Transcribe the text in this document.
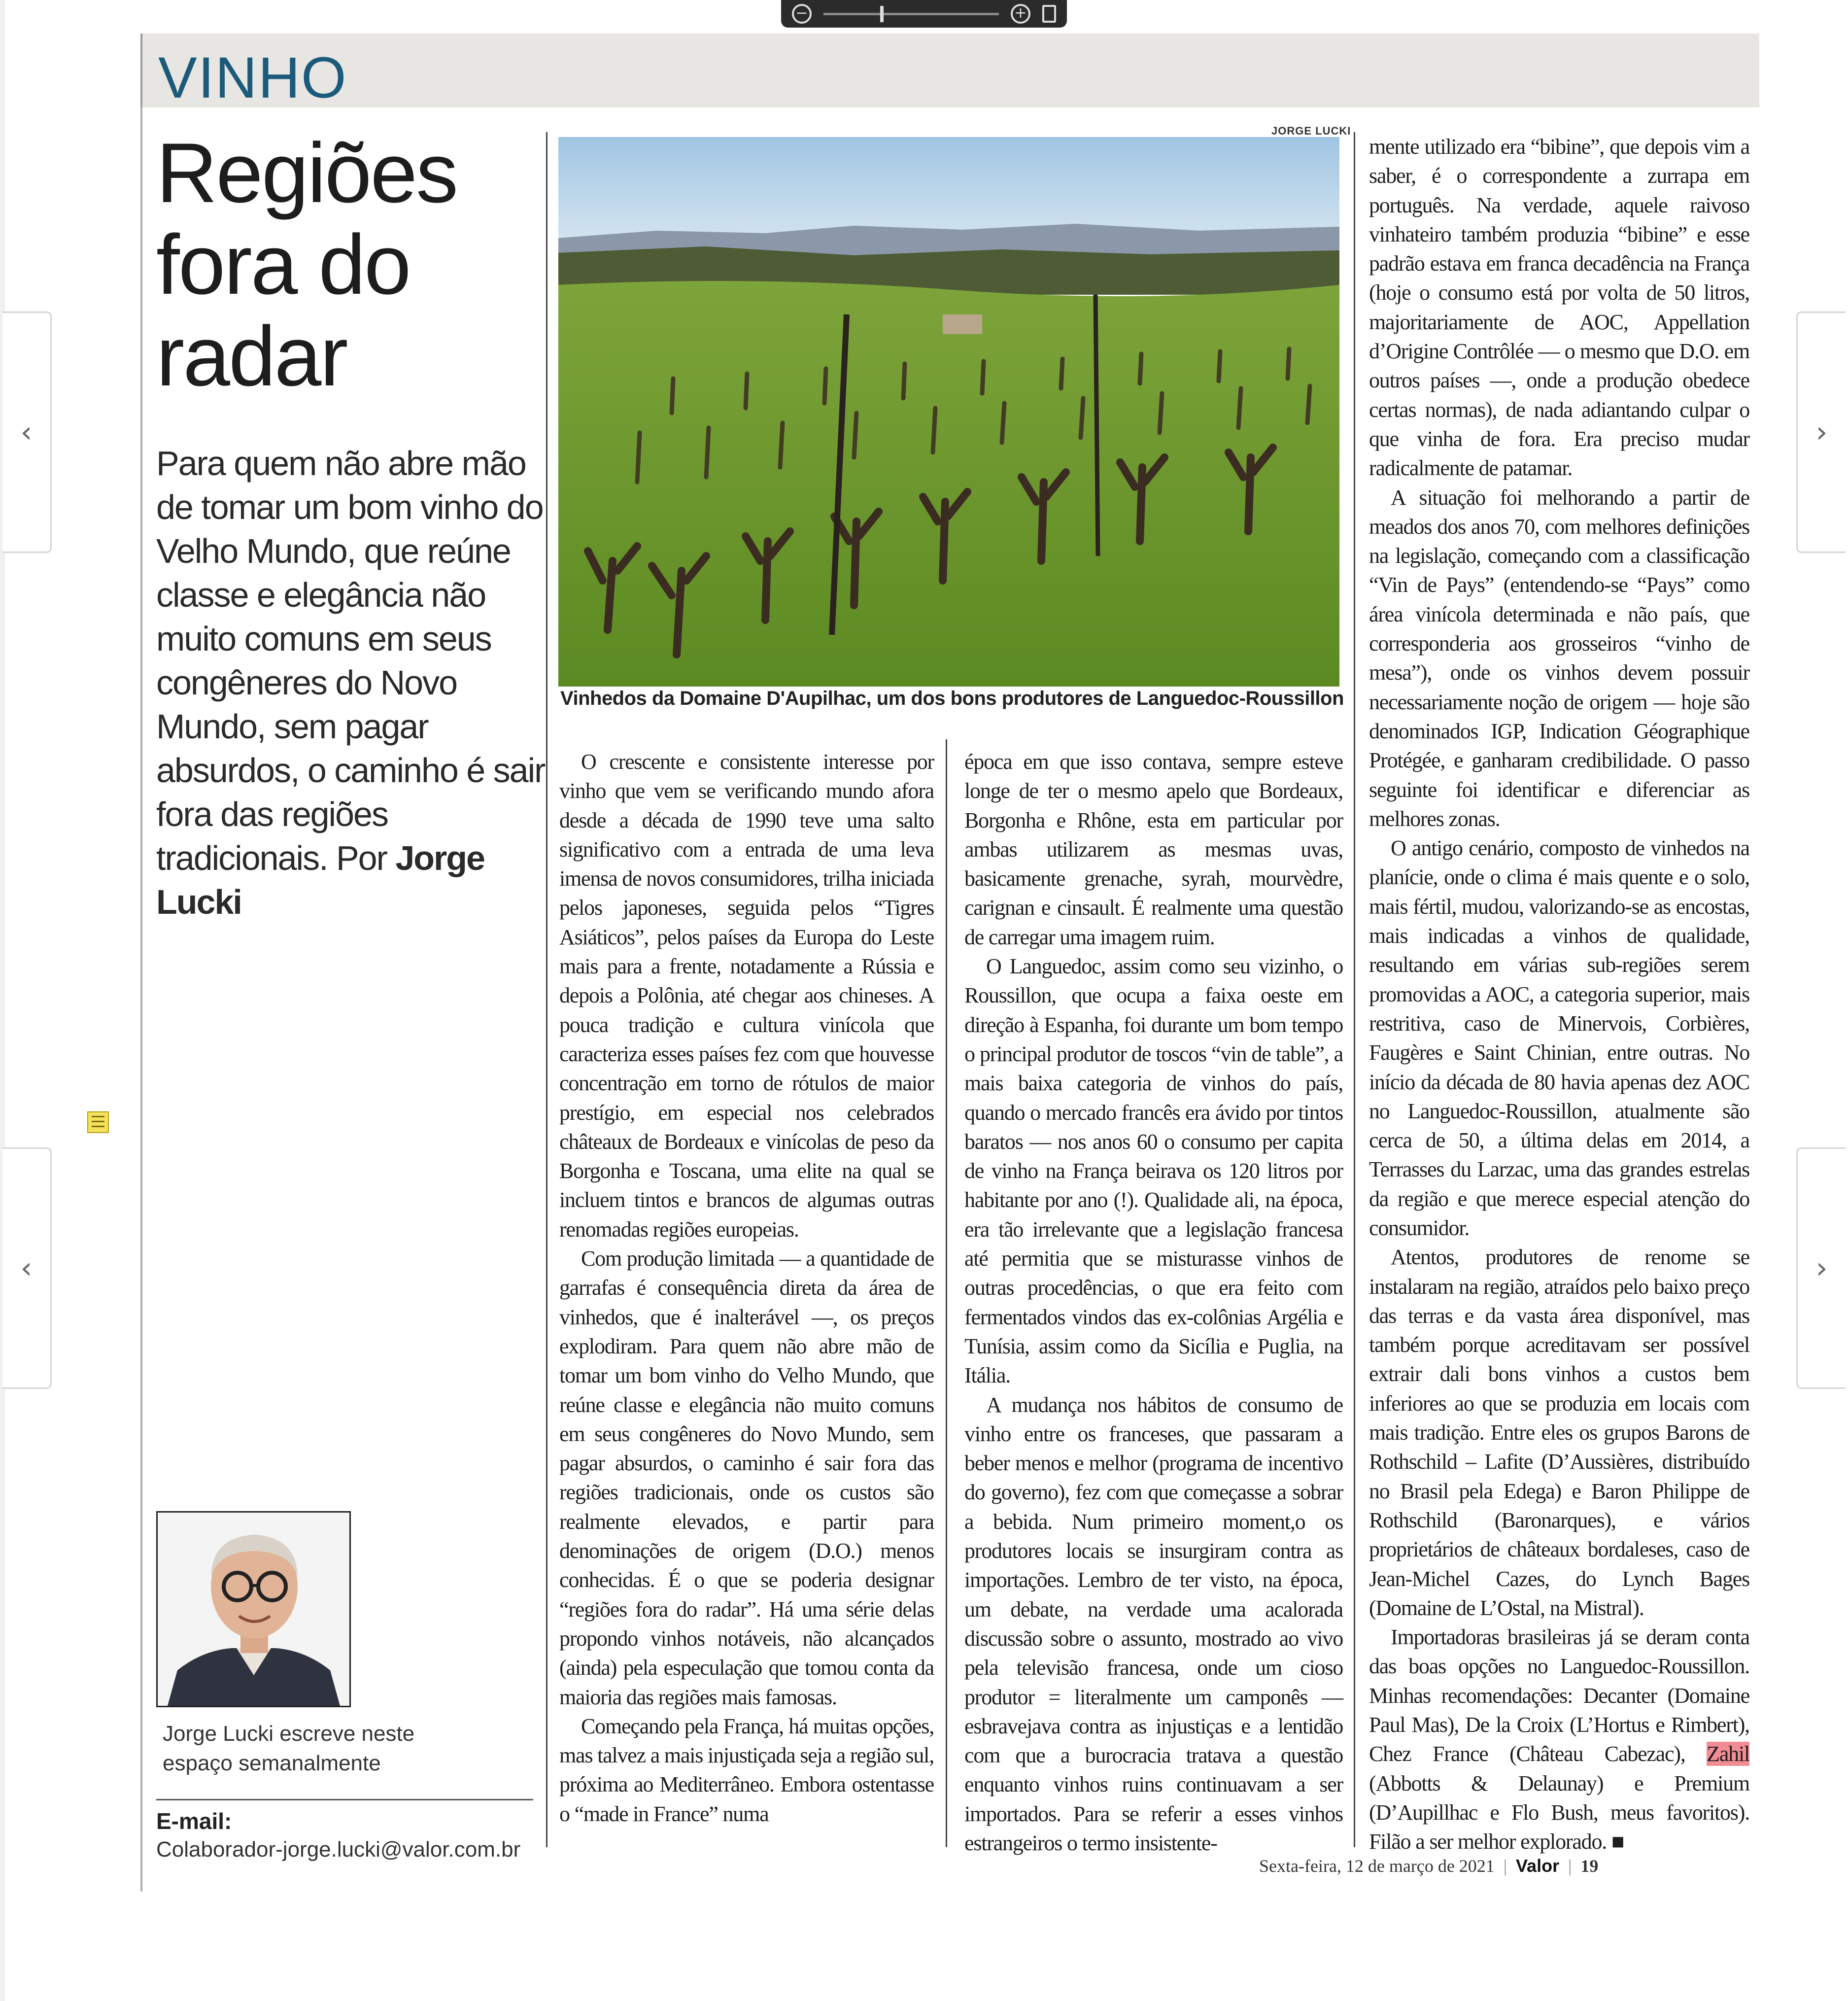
−	+
‹
‹
›
›
VINHO
Regiões
fora do
radar
Para quem não abre mão de tomar um bom vinho do Velho Mundo, que reúne classe e elegância não muito comuns em seus congêneres do Novo Mundo, sem pagar absurdos, o caminho é sair fora das regiões tradicionais. Por Jorge Lucki
Jorge Lucki escreve neste espaço semanalmente
E-mail:
Colaborador-jorge.lucki@valor.com.br
JORGE LUCKI
Vinhedos da Domaine D'Aupilhac, um dos bons produtores de Languedoc-Roussillon

O crescente e consistente interesse por vinho que vem se verificando mundo afora desde a década de 1990 teve uma salto significativo com a entrada de uma leva imensa de novos consumidores, trilha iniciada pelos japoneses, seguida pelos “Tigres Asiáticos”, pelos países da Europa do Leste mais para a frente, notadamente a Rússia e depois a Polônia, até chegar aos chineses. A pouca tradição e cultura vinícola que caracteriza esses países fez com que houvesse concentração em torno de rótulos de maior prestígio, em especial nos celebrados châteaux de Bordeaux e vinícolas de peso da Borgonha e Toscana, uma elite na qual se incluem tintos e brancos de algumas outras renomadas regiões europeias.

Com produção limitada — a quantidade de garrafas é consequência direta da área de vinhedos, que é inalterável —, os preços explodiram. Para quem não abre mão de tomar um bom vinho do Velho Mundo, que reúne classe e elegância não muito comuns em seus congêneres do Novo Mundo, sem pagar absurdos, o caminho é sair fora das regiões tradicionais, onde os custos são realmente elevados, e partir para denominações de origem (D.O.) menos conhecidas. É o que se poderia designar “regiões fora do radar”. Há uma série delas propondo vinhos notáveis, não alcançados (ainda) pela especulação que tomou conta da maioria das regiões mais famosas.

Começando pela França, há muitas opções, mas talvez a mais injustiçada seja a região sul, próxima ao Mediterrâneo. Embora ostentasse o “made in France” numa

época em que isso contava, sempre esteve longe de ter o mesmo apelo que Bordeaux, Borgonha e Rhône, esta em particular por ambas utilizarem as mesmas uvas, basicamente grenache, syrah, mourvèdre, carignan e cinsault. É realmente uma questão de carregar uma imagem ruim.

O Languedoc, assim como seu vizinho, o Roussillon, que ocupa a faixa oeste em direção à Espanha, foi durante um bom tempo o principal produtor de toscos “vin de table”, a mais baixa categoria de vinhos do país, quando o mercado francês era ávido por tintos baratos — nos anos 60 o consumo per capita de vinho na França beirava os 120 litros por habitante por ano (!). Qualidade ali, na época, era tão irrelevante que a legislação francesa até permitia que se misturasse vinhos de outras procedências, o que era feito com fermentados vindos das ex-colônias Argélia e Tunísia, assim como da Sicília e Puglia, na Itália.

A mudança nos hábitos de consumo de vinho entre os franceses, que passaram a beber menos e melhor (programa de incentivo do governo), fez com que começasse a sobrar a bebida. Num primeiro moment,o os produtores locais se insurgiram contra as importações. Lembro de ter visto, na época, um debate, na verdade uma acalorada discussão sobre o assunto, mostrado ao vivo pela televisão francesa, onde um cioso produtor = literalmente um camponês — esbravejava contra as injustiças e a lentidão com que a burocracia tratava a questão enquanto vinhos ruins continuavam a ser importados. Para se referir a esses vinhos estrangeiros o termo insistente-

mente utilizado era “bibine”, que depois vim a saber, é o correspondente a zurrapa em português. Na verdade, aquele raivoso vinhateiro também produzia “bibine” e esse padrão estava em franca decadência na França (hoje o consumo está por volta de 50 litros, majoritariamente de AOC, Appellation d’Origine Contrôlée — o mesmo que D.O. em outros países —, onde a produção obedece certas normas), de nada adiantando culpar o que vinha de fora. Era preciso mudar radicalmente de patamar.

A situação foi melhorando a partir de meados dos anos 70, com melhores definições na legislação, começando com a classificação “Vin de Pays” (entendendo-se “Pays” como área vinícola determinada e não país, que corresponderia aos grosseiros “vinho de mesa”), onde os vinhos devem possuir necessariamente noção de origem — hoje são denominados IGP, Indication Géographique Protégée, e ganharam credibilidade. O passo seguinte foi identificar e diferenciar as melhores zonas.

O antigo cenário, composto de vinhedos na planície, onde o clima é mais quente e o solo, mais fértil, mudou, valorizando-se as encostas, mais indicadas a vinhos de qualidade, resultando em várias sub-regiões serem promovidas a AOC, a categoria superior, mais restritiva, caso de Minervois, Corbières, Faugères e Saint Chinian, entre outras. No início da década de 80 havia apenas dez AOC no Languedoc-Roussillon, atualmente são cerca de 50, a última delas em 2014, a Terrasses du Larzac, uma das grandes estrelas da região e que merece especial atenção do consumidor.

Atentos, produtores de renome se instalaram na região, atraídos pelo baixo preço das terras e da vasta área disponível, mas também porque acreditavam ser possível extrair dali bons vinhos a custos bem inferiores ao que se produzia em locais com mais tradição. Entre eles os grupos Barons de Rothschild – Lafite (D’Aussières, distribuído no Brasil pela Edega) e Baron Philippe de Rothschild (Baronarques), e vários proprietários de châteaux bordaleses, caso de Jean-Michel Cazes, do Lynch Bages (Domaine de L’Ostal, na Mistral).

Importadoras brasileiras já se deram conta das boas opções no Languedoc-Roussillon. Minhas recomendações: Decanter (Domaine Paul Mas), De la Croix (L’Hortus e Rimbert), Chez France (Château Cabezac), Zahil (Abbotts & Delaunay) e Premium (D’Aupillhac e Flo Bush, meus favoritos). Filão a ser melhor explorado. ■

Sexta-feira, 12 de março de 2021 | Valor | 19
